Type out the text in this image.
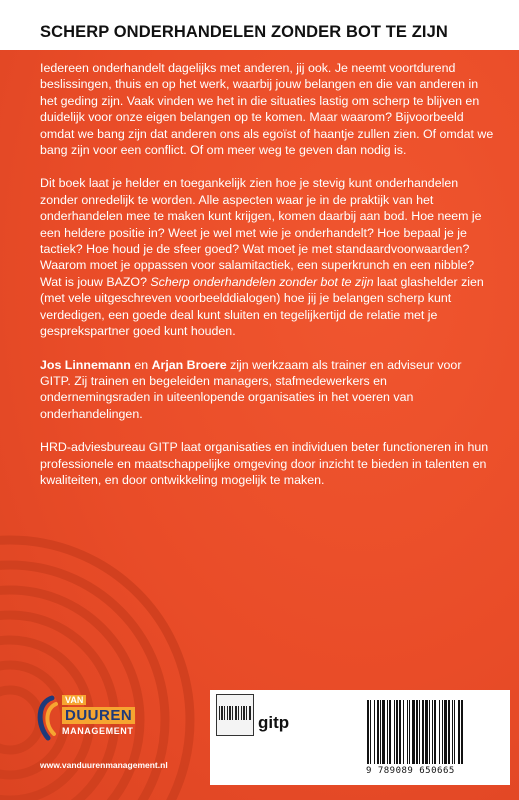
SCHERP ONDERHANDELEN ZONDER BOT TE ZIJN

Iedereen onderhandelt dagelijks met anderen, jij ook. Je neemt voortdurend beslissingen, thuis en op het werk, waarbij jouw belangen en die van anderen in het geding zijn. Vaak vinden we het in die situaties lastig om scherp te blijven en duidelijk voor onze eigen belangen op te komen. Maar waarom? Bijvoorbeeld omdat we bang zijn dat anderen ons als egoïst of haantje zullen zien. Of omdat we bang zijn voor een conflict. Of om meer weg te geven dan nodig is.

Dit boek laat je helder en toegankelijk zien hoe je stevig kunt onderhandelen zonder onredelijk te worden. Alle aspecten waar je in de praktijk van het onderhandelen mee te maken kunt krijgen, komen daarbij aan bod. Hoe neem je een heldere positie in? Weet je wel met wie je onderhandelt? Hoe bepaal je je tactiek? Hoe houd je de sfeer goed? Wat moet je met standaardvoorwaarden? Waarom moet je oppassen voor salamitactiek, een superkrunch en een nibble? Wat is jouw BAZO? Scherp onderhandelen zonder bot te zijn laat glashelder zien (met vele uitgeschreven voorbeelddialogen) hoe jij je belangen scherp kunt verdedigen, een goede deal kunt sluiten en tegelijkertijd de relatie met je gesprekspartner goed kunt houden.

Jos Linnemann en Arjan Broere zijn werkzaam als trainer en adviseur voor GITP. Zij trainen en begeleiden managers, stafmedewerkers en ondernemingsraden in uiteenlopende organisaties in het voeren van onderhandelingen.

HRD-adviesbureau GITP laat organisaties en individuen beter functioneren in hun professionele en maatschappelijke omgeving door inzicht te bieden in talenten en kwaliteiten, en door ontwikkeling mogelijk te maken.

VAN
DUUREN
MANAGEMENT
www.vanduurenmanagement.nl
gitp
9 789089 650665
